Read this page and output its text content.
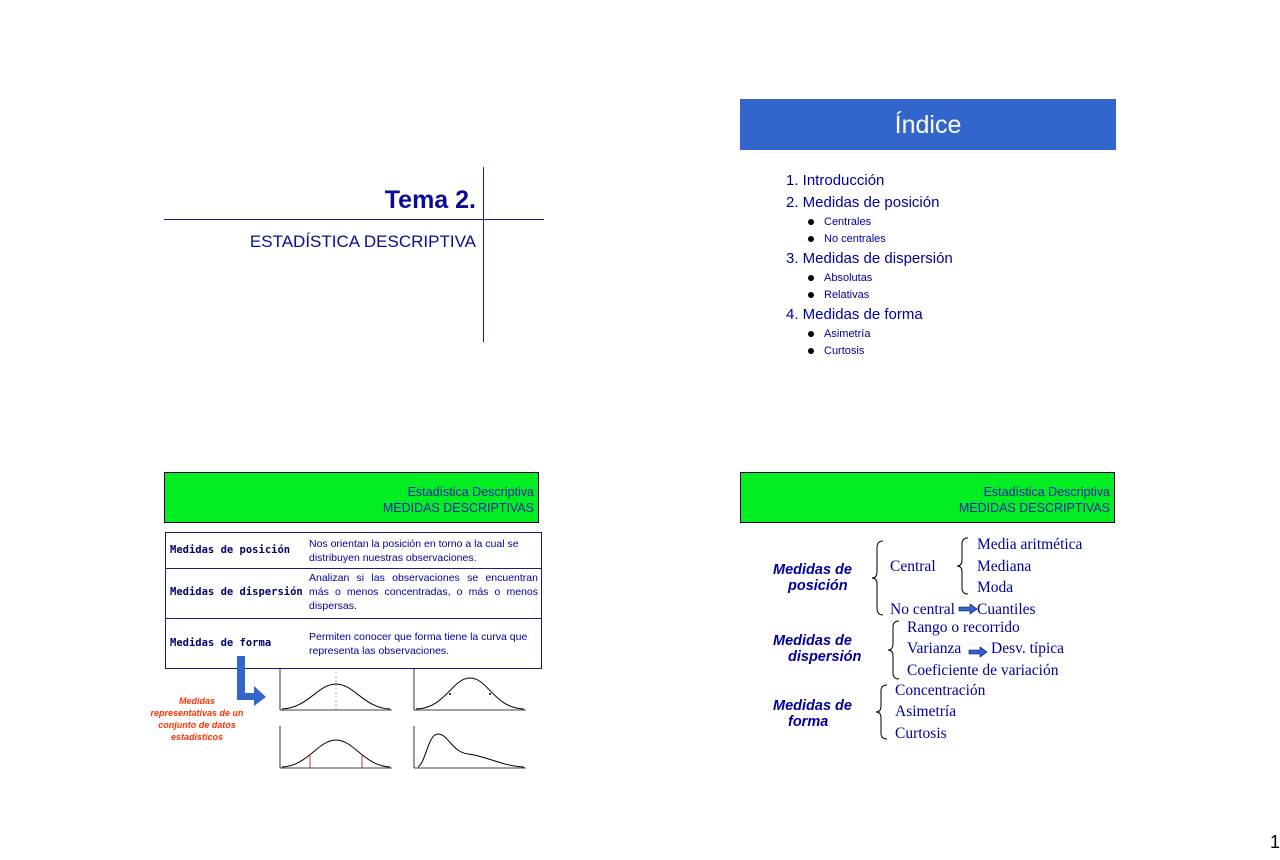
Tema 2.
ESTADÍSTICA DESCRIPTIVA
Índice
1. Introducción
2. Medidas de posición
Centrales
No centrales
3. Medidas de dispersión
Absolutas
Relativas
4. Medidas de forma
Asimetría
Curtosis
Estadística Descriptiva
MEDIDAS DESCRIPTIVAS
Medidas de posición Nos orientan la posición en torno a la cual se distribuyen nuestras observaciones.
Medidas de dispersión
Analizan si las observaciones se encuentran más o menos concentradas, o más o menos dispersas.
Medidas de forma	Permiten conocer que forma tiene la curva que representa las observaciones.
Medidas representativas de un conjunto de datos estadísticos
Estadística Descriptiva
MEDIDAS DESCRIPTIVAS
Medidas de
posición
Central
Media aritmética
Mediana
Moda
No central Cuantiles
Medidas de
dispersión
Rango o recorrido
Varianza Desv. típica
Coeficiente de variación
Medidas de
forma
Concentración
Asimetría
Curtosis
1
